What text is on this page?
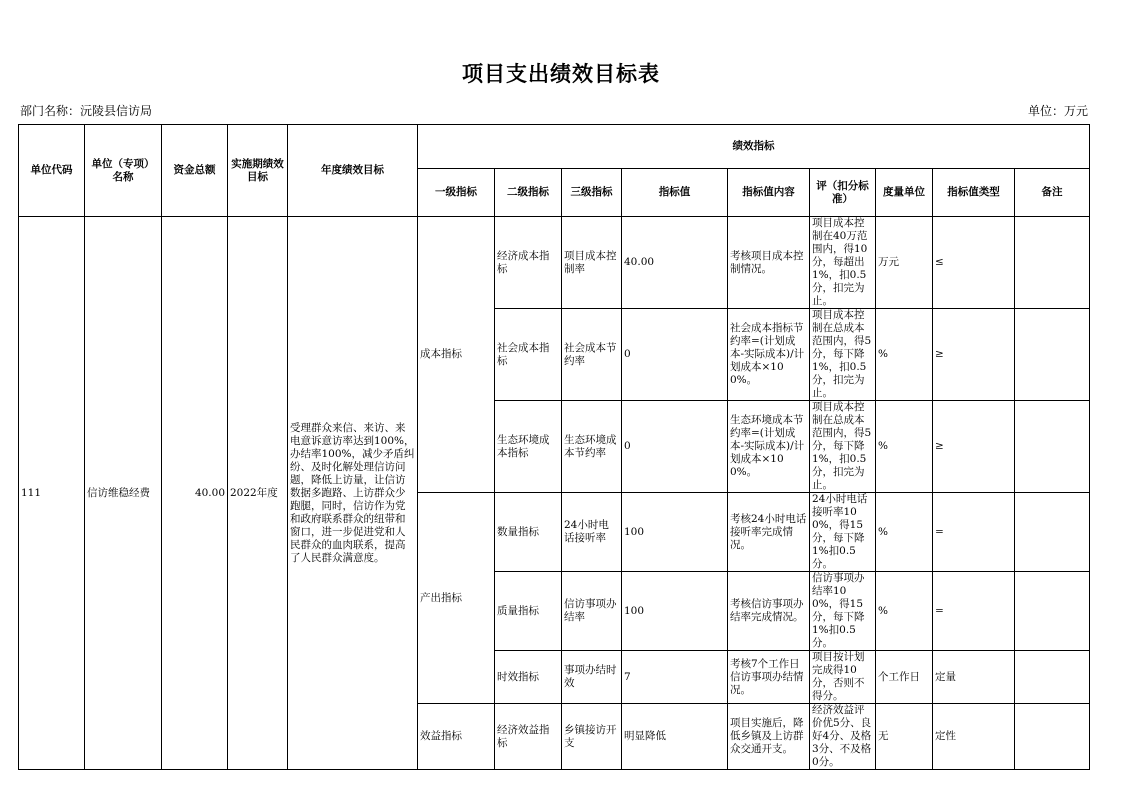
项目支出绩效目标表
部门名称：沅陵县信访局	单位：万元
单位代码	单位（专项）名称	资金总额	实施期绩效目标	年度绩效目标	绩效指标								
					一级指标	二级指标	三级指标	指标值	指标值内容	评（扣分标准）	度量单位	指标值类型	备注
111	信访维稳经费	40.00	2022年度	受理群众来信、来访、来电意诉意访率达到100%，办结率100%，减少矛盾纠纷、及时化解处理信访问题，降低上访量，让信访数据多跑路、上访群众少跑腿，同时，信访作为党和政府联系群众的纽带和窗口，进一步促进党和人民群众的血肉联系，提高了人民群众满意度。	成本指标	经济成本指标	项目成本控制率	40.00	考核项目成本控制情况。	项目成本控制在40万范围内，得10分，每超出1%，扣0.5分，扣完为止。	万元	≤	
						社会成本指标	社会成本节约率	0	社会成本指标节约率=(计划成本-实际成本)/计划成本×100%。	项目成本控制在总成本范围内，得5分，每下降1%，扣0.5分，扣完为止。	%	≥	
						生态环境成本指标	生态环境成本节约率	0	生态环境成本节约率=(计划成本-实际成本)/计划成本×100%。	项目成本控制在总成本范围内，得5分，每下降1%，扣0.5分，扣完为止。	%	≥	
					产出指标	数量指标	24小时电话接听率	100	考核24小时电话接听率完成情况。	24小时电话接听率100%，得15分，每下降1%扣0.5分。	%	=	
						质量指标	信访事项办结率	100	考核信访事项办结率完成情况。	信访事项办结率100%，得15分，每下降1%扣0.5分。	%	=	
						时效指标	事项办结时效	7	考核7个工作日信访事项办结情况。	项目按计划完成得10分，否则不得分。	个工作日	定量	
					效益指标	经济效益指标	乡镇接访开支	明显降低	项目实施后，降低乡镇及上访群众交通开支。	经济效益评价优5分、良好4分、及格3分、不及格0分。	无	定性	
